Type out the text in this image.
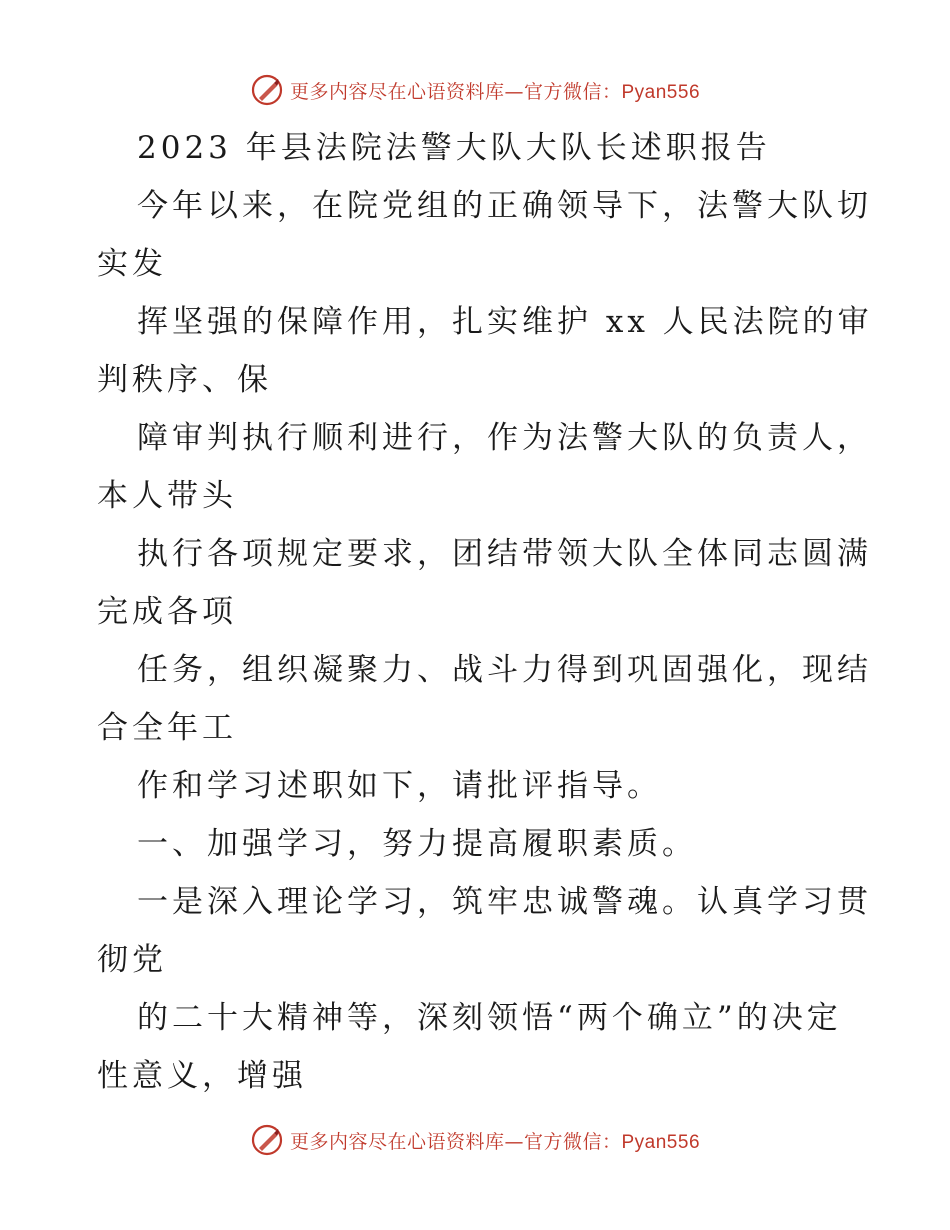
更多内容尽在心语资料库—官方微信：Pyan556
2023 年县法院法警大队大队长述职报告
今年以来，在院党组的正确领导下，法警大队切
实发
挥坚强的保障作用，扎实维护 xx 人民法院的审
判秩序、保
障审判执行顺利进行，作为法警大队的负责人，
本人带头
执行各项规定要求，团结带领大队全体同志圆满
完成各项
任务，组织凝聚力、战斗力得到巩固强化，现结
合全年工
作和学习述职如下，请批评指导。
一、加强学习，努力提高履职素质。
一是深入理论学习，筑牢忠诚警魂。认真学习贯
彻党
的二十大精神等，深刻领悟“两个确立”的决定
性意义，增强
更多内容尽在心语资料库—官方微信：Pyan556
